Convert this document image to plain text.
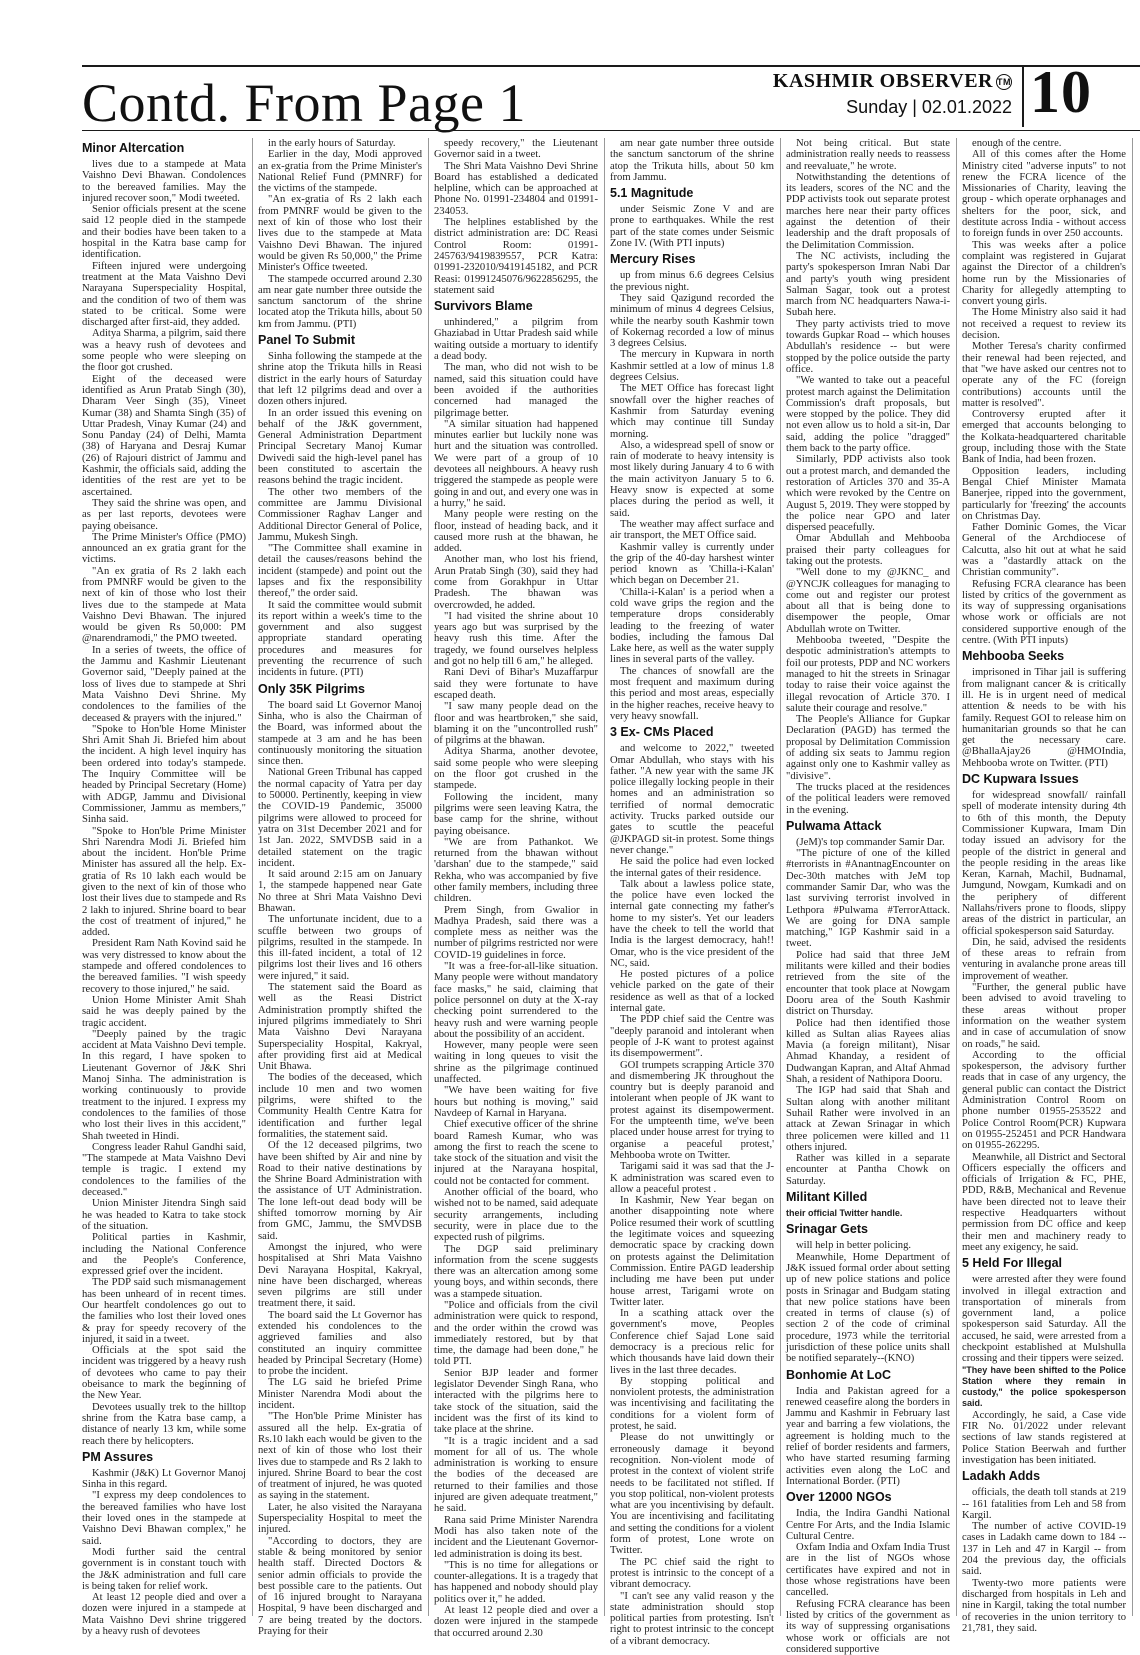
Contd. From Page 1	KASHMIR OBSERVER TM
Sunday | 02.01.2022 10
Minor Altercation

lives due to a stampede at Mata Vaishno Devi Bhawan. Condolences to the bereaved families. May the injured recover soon," Modi tweeted.

Senior officials present at the scene said 12 people died in the stampede and their bodies have been taken to a hospital in the Katra base camp for identification.

Fifteen injured were undergoing treatment at the Mata Vaishno Devi Narayana Superspeciality Hospital, and the condition of two of them was stated to be critical. Some were discharged after first-aid, they added.

Aditya Sharma, a pilgrim, said there was a heavy rush of devotees and some people who were sleeping on the floor got crushed.

Eight of the deceased were identified as Arun Pratab Singh (30), Dharam Veer Singh (35), Vineet Kumar (38) and Shamta Singh (35) of Uttar Pradesh, Vinay Kumar (24) and Sonu Panday (24) of Delhi, Mamta (38) of Haryana and Desraj Kumar (26) of Rajouri district of Jammu and Kashmir, the officials said, adding the identities of the rest are yet to be ascertained.

They said the shrine was open, and as per last reports, devotees were paying obeisance.

The Prime Minister's Office (PMO) announced an ex gratia grant for the victims.

"An ex gratia of Rs 2 lakh each from PMNRF would be given to the next of kin of those who lost their lives due to the stampede at Mata Vaishno Devi Bhawan. The injured would be given Rs 50,000: PM @narendramodi," the PMO tweeted.

In a series of tweets, the office of the Jammu and Kashmir Lieutenant Governor said, "Deeply pained at the loss of lives due to stampede at Shri Mata Vaishno Devi Shrine. My condolences to the families of the deceased & prayers with the injured."

"Spoke to Hon'ble Home Minister Shri Amit Shah Ji. Briefed him about the incident. A high level inquiry has been ordered into today's stampede. The Inquiry Committee will be headed by Principal Secretary (Home) with ADGP, Jammu and Divisional Commissioner, Jammu as members," Sinha said.

"Spoke to Hon'ble Prime Minister Shri Narendra Modi Ji. Briefed him about the incident. Hon'ble Prime Minister has assured all the help. Ex-gratia of Rs 10 lakh each would be given to the next of kin of those who lost their lives due to stampede and Rs 2 lakh to injured. Shrine board to bear the cost of treatment of injured," he added.

President Ram Nath Kovind said he was very distressed to know about the stampede and offered condolences to the bereaved families. "I wish speedy recovery to those injured," he said.

Union Home Minister Amit Shah said he was deeply pained by the tragic accident.

"Deeply pained by the tragic accident at Mata Vaishno Devi temple. In this regard, I have spoken to Lieutenant Governor of J&K Shri Manoj Sinha. The administration is working continuously to provide treatment to the injured. I express my condolences to the families of those who lost their lives in this accident," Shah tweeted in Hindi.

Congress leader Rahul Gandhi said, "The stampede at Mata Vaishno Devi temple is tragic. I extend my condolences to the families of the deceased."

Union Minister Jitendra Singh said he was headed to Katra to take stock of the situation.

Political parties in Kashmir, including the National Conference and the People's Conference, expressed grief over the incident.

The PDP said such mismanagement has been unheard of in recent times. Our heartfelt condolences go out to the families who lost their loved ones & pray for speedy recovery of the injured, it said in a tweet.

Officials at the spot said the incident was triggered by a heavy rush of devotees who came to pay their obeisance to mark the beginning of the New Year.

Devotees usually trek to the hilltop shrine from the Katra base camp, a distance of nearly 13 km, while some reach there by helicopters.

PM Assures

Kashmir (J&K) Lt Governor Manoj Sinha in this regard.

"I express my deep condolences to the bereaved families who have lost their loved ones in the stampede at Vaishno Devi Bhawan complex," he said.

Modi further said the central government is in constant touch with the J&K administration and full care is being taken for relief work.

At least 12 people died and over a dozen were injured in a stampede at Mata Vaishno Devi shrine triggered by a heavy rush of devotees

in the early hours of Saturday.

Earlier in the day, Modi approved an ex-gratia from the Prime Minister's National Relief Fund (PMNRF) for the victims of the stampede.

"An ex-gratia of Rs 2 lakh each from PMNRF would be given to the next of kin of those who lost their lives due to the stampede at Mata Vaishno Devi Bhawan. The injured would be given Rs 50,000," the Prime Minister's Office tweeted.

The stampede occurred around 2.30 am near gate number three outside the sanctum sanctorum of the shrine located atop the Trikuta hills, about 50 km from Jammu. (PTI)

Panel To Submit

Sinha following the stampede at the shrine atop the Trikuta hills in Reasi district in the early hours of Saturday that left 12 pilgrims dead and over a dozen others injured.

In an order issued this evening on behalf of the J&K government, General Administration Department Principal Secretary Manoj Kumar Dwivedi said the high-level panel has been constituted to ascertain the reasons behind the tragic incident.

The other two members of the committee are Jammu Divisional Commissioner Raghav Langer and Additional Director General of Police, Jammu, Mukesh Singh.

"The Committee shall examine in detail the causes/reasons behind the incident (stampede) and point out the lapses and fix the responsibility thereof," the order said.

It said the committee would submit its report within a week's time to the government and also suggest appropriate standard operating procedures and measures for preventing the recurrence of such incidents in future. (PTI)

Only 35K Pilgrims

The board said Lt Governor Manoj Sinha, who is also the Chairman of the Board, was informed about the stampede at 3 am and he has been continuously monitoring the situation since then.

National Green Tribunal has capped the normal capacity of Yatra per day to 50000. Pertinently, keeping in view the COVID-19 Pandemic, 35000 pilgrims were allowed to proceed for yatra on 31st December 2021 and for 1st Jan. 2022, SMVDSB said in a detailed statement on the tragic incident.

It said around 2:15 am on January 1, the stampede happened near Gate No three at Shri Mata Vaishno Devi Bhawan.

The unfortunate incident, due to a scuffle between two groups of pilgrims, resulted in the stampede. In this ill-fated incident, a total of 12 pilgrims lost their lives and 16 others were injured," it said.

The statement said the Board as well as the Reasi District Administration promptly shifted the injured pilgrims immediately to Shri Mata Vaishno Devi Narayana Superspeciality Hospital, Kakryal, after providing first aid at Medical Unit Bhawa.

The bodies of the deceased, which include 10 men and two women pilgrims, were shifted to the Community Health Centre Katra for identification and further legal formalities, the statement said.

Of the 12 deceased pilgrims, two have been shifted by Air and nine by Road to their native destinations by the Shrine Board Administration with the assistance of UT Administration. The lone left-out dead body will be shifted tomorrow morning by Air from GMC, Jammu, the SMVDSB said.

Amongst the injured, who were hospitalised at Shri Mata Vaishno Devi Narayana Hospital, Kakryal, nine have been discharged, whereas seven pilgrims are still under treatment there, it said.

The board said the Lt Governor has extended his condolences to the aggrieved families and also constituted an inquiry committee headed by Principal Secretary (Home) to probe the incident.

The LG said he briefed Prime Minister Narendra Modi about the incident.

"The Hon'ble Prime Minister has assured all the help. Ex-gratia of Rs.10 lakh each would be given to the next of kin of those who lost their lives due to stampede and Rs 2 lakh to injured. Shrine Board to bear the cost of treatment of injured, he was quoted as saying in the statement.

Later, he also visited the Narayana Superspeciality Hospital to meet the injured.

"According to doctors, they are stable & being monitored by senior health staff. Directed Doctors & senior admin officials to provide the best possible care to the patients. Out of 16 injured brought to Narayana Hospital, 9 have been discharged and 7 are being treated by the doctors. Praying for their

speedy recovery," the Lieutenant Governor said in a tweet.

The Shri Mata Vaishno Devi Shrine Board has established a dedicated helpline, which can be approached at Phone No. 01991-234804 and 01991-234053.

The helplines established by the district administration are: DC Reasi Control Room: 01991-245763/9419839557, PCR Katra: 01991-232010/9419145182, and PCR Reasi: 01991245076/9622856295, the statement said

Survivors Blame

unhindered," a pilgrim from Ghaziabad in Uttar Pradesh said while waiting outside a mortuary to identify a dead body.

The man, who did not wish to be named, said this situation could have been avoided if the authorities concerned had managed the pilgrimage better.

"A similar situation had happened minutes earlier but luckily none was hurt and the situation was controlled. We were part of a group of 10 devotees all neighbours. A heavy rush triggered the stampede as people were going in and out, and every one was in a hurry," he said.

Many people were resting on the floor, instead of heading back, and it caused more rush at the bhawan, he added.

Another man, who lost his friend, Arun Pratab Singh (30), said they had come from Gorakhpur in Uttar Pradesh. The bhawan was overcrowded, he added.

"I had visited the shrine about 10 years ago but was surprised by the heavy rush this time. After the tragedy, we found ourselves helpless and got no help till 6 am," he alleged.

Rani Devi of Bihar's Muzaffarpur said they were fortunate to have escaped death.

"I saw many people dead on the floor and was heartbroken," she said, blaming it on the "uncontrolled rush" of pilgrims at the bhawan.

Aditya Sharma, another devotee, said some people who were sleeping on the floor got crushed in the stampede.

Following the incident, many pilgrims were seen leaving Katra, the base camp for the shrine, without paying obeisance.

"We are from Pathankot. We returned from the bhawan without 'darshan' due to the stampede," said Rekha, who was accompanied by five other family members, including three children.

Prem Singh, from Gwalior in Madhya Pradesh, said there was a complete mess as neither was the number of pilgrims restricted nor were COVID-19 guidelines in force.

"It was a free-for-all-like situation. Many people were without mandatory face masks," he said, claiming that police personnel on duty at the X-ray checking point surrendered to the heavy rush and were warning people about the possibility of an accident.

However, many people were seen waiting in long queues to visit the shrine as the pilgrimage continued unaffected.

"We have been waiting for five hours but nothing is moving," said Navdeep of Karnal in Haryana.

Chief executive officer of the shrine board Ramesh Kumar, who was among the first to reach the scene to take stock of the situation and visit the injured at the Narayana hospital, could not be contacted for comment.

Another official of the board, who wished not to be named, said adequate security arrangements, including security, were in place due to the expected rush of pilgrims.

The DGP said preliminary information from the scene suggests there was an altercation among some young boys, and within seconds, there was a stampede situation.

"Police and officials from the civil administration were quick to respond, and the order within the crowd was immediately restored, but by that time, the damage had been done," he told PTI.

Senior BJP leader and former legislator Devender Singh Rana, who interacted with the pilgrims here to take stock of the situation, said the incident was the first of its kind to take place at the shrine.

"It is a tragic incident and a sad moment for all of us. The whole administration is working to ensure the bodies of the deceased are returned to their families and those injured are given adequate treatment," he said.

Rana said Prime Minister Narendra Modi has also taken note of the incident and the Lieutenant Governor-led administration is doing its best.

"This is no time for allegations or counter-allegations. It is a tragedy that has happened and nobody should play politics over it," he added.

At least 12 people died and over a dozen were injured in the stampede that occurred around 2.30

am near gate number three outside the sanctum sanctorum of the shrine atop the Trikuta hills, about 50 km from Jammu.

5.1 Magnitude

under Seismic Zone V and are prone to earthquakes. While the rest part of the state comes under Seismic Zone IV. (With PTI inputs)

Mercury Rises

up from minus 6.6 degrees Celsius the previous night.

They said Qazigund recorded the minimum of minus 4 degrees Celsius, while the nearby south Kashmir town of Kokernag recorded a low of minus 3 degrees Celsius.

The mercury in Kupwara in north Kashmir settled at a low of minus 1.8 degrees Celsius.

The MET Office has forecast light snowfall over the higher reaches of Kashmir from Saturday evening which may continue till Sunday morning.

Also, a widespread spell of snow or rain of moderate to heavy intensity is most likely during January 4 to 6 with the main activityon January 5 to 6. Heavy snow is expected at some places during the period as well, it said.

The weather may affect surface and air transport, the MET Office said.

Kashmir valley is currently under the grip of the 40-day harshest winter period known as 'Chilla-i-Kalan' which began on December 21.

'Chilla-i-Kalan' is a period when a cold wave grips the region and the temperature drops considerably leading to the freezing of water bodies, including the famous Dal Lake here, as well as the water supply lines in several parts of the valley.

The chances of snowfall are the most frequent and maximum during this period and most areas, especially in the higher reaches, receive heavy to very heavy snowfall.

3 Ex- CMs Placed

and welcome to 2022," tweeted Omar Abdullah, who stays with his father. "A new year with the same JK police illegally locking people in their homes and an administration so terrified of normal democratic activity. Trucks parked outside our gates to scuttle the peaceful @JKPAGD sit-in protest. Some things never change."

He said the police had even locked the internal gates of their residence.

Talk about a lawless police state, the police have even locked the internal gate connecting my father's home to my sister's. Yet our leaders have the cheek to tell the world that India is the largest democracy, hah!! Omar, who is the vice president of the NC, said.

He posted pictures of a police vehicle parked on the gate of their residence as well as that of a locked internal gate.

The PDP chief said the Centre was "deeply paranoid and intolerant when people of J-K want to protest against its disempowerment".

GOI trumpets scrapping Article 370 and dismembering JK throughout the country but is deeply paranoid and intolerant when people of JK want to protest against its disempowerment. For the umpteenth time, we've been placed under house arrest for trying to organise a peaceful protest,' Mehbooba wrote on Twitter.

Tarigami said it was sad that the J-K administration was scared even to allow a peaceful protest .

In Kashmir, New Year began on another disappointing note where Police resumed their work of scuttling the legitimate voices and squeezing democratic space by cracking down on protests against the Delimitation Commission. Entire PAGD leadership including me have been put under house arrest, Tarigami wrote on Twitter later.

In a scathing attack over the government's move, Peoples Conference chief Sajad Lone said democracy is a precious relic for which thousands have laid down their lives in the last three decades.

By stopping political and nonviolent protests, the administration was incentivising and facilitating the conditions for a violent form of protest, he said.

Please do not unwittingly or erroneously damage it beyond recognition. Non-violent mode of protest in the context of violent strife needs to be facilitated not stifled. If you stop political, non-violent protests what are you incentivising by default. You are incentivising and facilitating and setting the conditions for a violent form of protest, Lone wrote on Twitter.

The PC chief said the right to protest is intrinsic to the concept of a vibrant democracy.

"I can't see any valid reason y the state administration should stop political parties from protesting. Isn't right to protest intrinsic to the concept of a vibrant democracy.

Not being critical. But state administration really needs to reassess and reevaluate," he wrote.

Notwithstanding the detentions of its leaders, scores of the NC and the PDP activists took out separate protest marches here near their party offices against the detention of their leadership and the draft proposals of the Delimitation Commission.

The NC activists, including the party's spokesperson Imran Nabi Dar and party's youth wing president Salman Sagar, took out a protest march from NC headquarters Nawa-i-Subah here.

They party activists tried to move towards Gupkar Road -- which houses Abdullah's residence -- but were stopped by the police outside the party office.

"We wanted to take out a peaceful protest march against the Delimitation Commission's draft proposals, but were stopped by the police. They did not even allow us to hold a sit-in, Dar said, adding the police "dragged" them back to the party office.

Similarly, PDP activists also took out a protest march, and demanded the restoration of Articles 370 and 35-A which were revoked by the Centre on August 5, 2019. They were stopped by the police near GPO and later dispersed peacefully.

Omar Abdullah and Mehbooba praised their party colleagues for taking out the protests.

"Well done to my @JKNC_ and @YNCJK colleagues for managing to come out and register our protest about all that is being done to disempower the people, Omar Abdullah wrote on Twitter.

Mehbooba tweeted, "Despite the despotic administration's attempts to foil our protests, PDP and NC workers managed to hit the streets in Srinagar today to raise their voice against the illegal revocation of Article 370. I salute their courage and resolve."

The People's Alliance for Gupkar Declaration (PAGD) has termed the proposal by Delimitation Commission of adding six seats to Jammu region against only one to Kashmir valley as "divisive".

The trucks placed at the residences of the political leaders were removed in the evening.

Pulwama Attack

(JeM)'s top commander Samir Dar.

"The picture of one of the killed #terrorists in #AnantnagEncounter on Dec-30th matches with JeM top commander Samir Dar, who was the last surviving terrorist involved in Lethpora #Pulwama #TerrorAttack. We are going for DNA sample matching," IGP Kashmir said in a tweet.

Police had said that three JeM militants were killed and their bodies retrieved from the site of the encounter that took place at Nowgam Dooru area of the South Kashmir district on Thursday.

Police had then identified those killed as Sultan alias Rayees alias Mavia (a foreign militant), Nisar Ahmad Khanday, a resident of Dudwangan Kapran, and Altaf Ahmad Shah, a resident of Nathipora Dooru.

The IGP had said that Shah and Sultan along with another militant Suhail Rather were involved in an attack at Zewan Srinagar in which three policemen were killed and 11 others injured.

Rather was killed in a separate encounter at Pantha Chowk on Saturday.

Militant Killed
their official Twitter handle.
Srinagar Gets

will help in better policing.

Meanwhile, Home Department of J&K issued formal order about setting up of new police stations and police posts in Srinagar and Budgam stating that new police stations have been created in terms of clause (s) of section 2 of the code of criminal procedure, 1973 while the territorial jurisdiction of these police units shall be notified separately--(KNO)

Bonhomie At LoC

India and Pakistan agreed for a renewed ceasefire along the borders in Jammu and Kashmir in February last year and barring a few violations, the agreement is holding much to the relief of border residents and farmers, who have started resuming farming activities even along the LoC and International Border. (PTI)

Over 12000 NGOs

India, the Indira Gandhi National Centre For Arts, and the India Islamic Cultural Centre.

Oxfam India and Oxfam India Trust are in the list of NGOs whose certificates have expired and not in those whose registrations have been cancelled.

Refusing FCRA clearance has been listed by critics of the government as its way of suppressing organisations whose work or officials are not considered supportive

enough of the centre.

All of this comes after the Home Ministry cited "adverse inputs" to not renew the FCRA licence of the Missionaries of Charity, leaving the group - which operate orphanages and shelters for the poor, sick, and destitute across India - without access to foreign funds in over 250 accounts.

This was weeks after a police complaint was registered in Gujarat against the Director of a children's home run by the Missionaries of Charity for allegedly attempting to convert young girls.

The Home Ministry also said it had not received a request to review its decision.

Mother Teresa's charity confirmed their renewal had been rejected, and that "we have asked our centres not to operate any of the FC (foreign contributions) accounts until the matter is resolved".

Controversy erupted after it emerged that accounts belonging to the Kolkata-headquartered charitable group, including those with the State Bank of India, had been frozen.

Opposition leaders, including Bengal Chief Minister Mamata Banerjee, ripped into the government, particularly for 'freezing' the accounts on Christmas Day.

Father Dominic Gomes, the Vicar General of the Archdiocese of Calcutta, also hit out at what he said was a "dastardly attack on the Christian community".

Refusing FCRA clearance has been listed by critics of the government as its way of suppressing organisations whose work or officials are not considered supportive enough of the centre. (With PTI inputs)

Mehbooba Seeks

imprisoned in Tihar jail is suffering from malignant cancer & is critically ill. He is in urgent need of medical attention & needs to be with his family. Request GOI to release him on humanitarian grounds so that he can get the necessary care. @BhallaAjay26 @HMOIndia, Mehbooba wrote on Twitter. (PTI)

DC Kupwara Issues

for widespread snowfall/ rainfall spell of moderate intensity during 4th to 6th of this month, the Deputy Commissioner Kupwara, Imam Din today issued an advisory for the people of the district in general and the people residing in the areas like Keran, Karnah, Machil, Budnamal, Jumgund, Nowgam, Kumkadi and on the periphery of different Nallahs/rivers prone to floods, slippy areas of the district in particular, an official spokesperson said Saturday.

Din, he said, advised the residents of these areas to refrain from venturing in avalanche prone areas till improvement of weather.

"Further, the general public have been advised to avoid traveling to these areas without proper information on the weather system and in case of accumulation of snow on roads," he said.

According to the official spokesperson, the advisory further reads that in case of any urgency, the general public can contact the District Administration Control Room on phone number 01955-253522 and Police Control Room(PCR) Kupwara on 01955-252451 and PCR Handwara on 01955-262295.

Meanwhile, all District and Sectoral Officers especially the officers and officials of Irrigation & FC, PHE, PDD, R&B, Mechanical and Revenue have been directed not to leave their respective Headquarters without permission from DC office and keep their men and machinery ready to meet any exigency, he said.

5 Held For Illegal

were arrested after they were found involved in illegal extraction and transportation of minerals from government land, a police spokesperson said Saturday. All the accused, he said, were arrested from a checkpoint established at Mulshulla crossing and their tippers were seized.

"They have been shifted to the Police Station where they remain in custody," the police spokesperson said.

Accordingly, he said, a Case vide FIR No. 01/2022 under relevant sections of law stands registered at Police Station Beerwah and further investigation has been initiated.

Ladakh Adds

officials, the death toll stands at 219 -- 161 fatalities from Leh and 58 from Kargil.

The number of active COVID-19 cases in Ladakh came down to 184 -- 137 in Leh and 47 in Kargil -- from 204 the previous day, the officials said.

Twenty-two more patients were discharged from hospitals in Leh and nine in Kargil, taking the total number of recoveries in the union territory to 21,781, they said.
